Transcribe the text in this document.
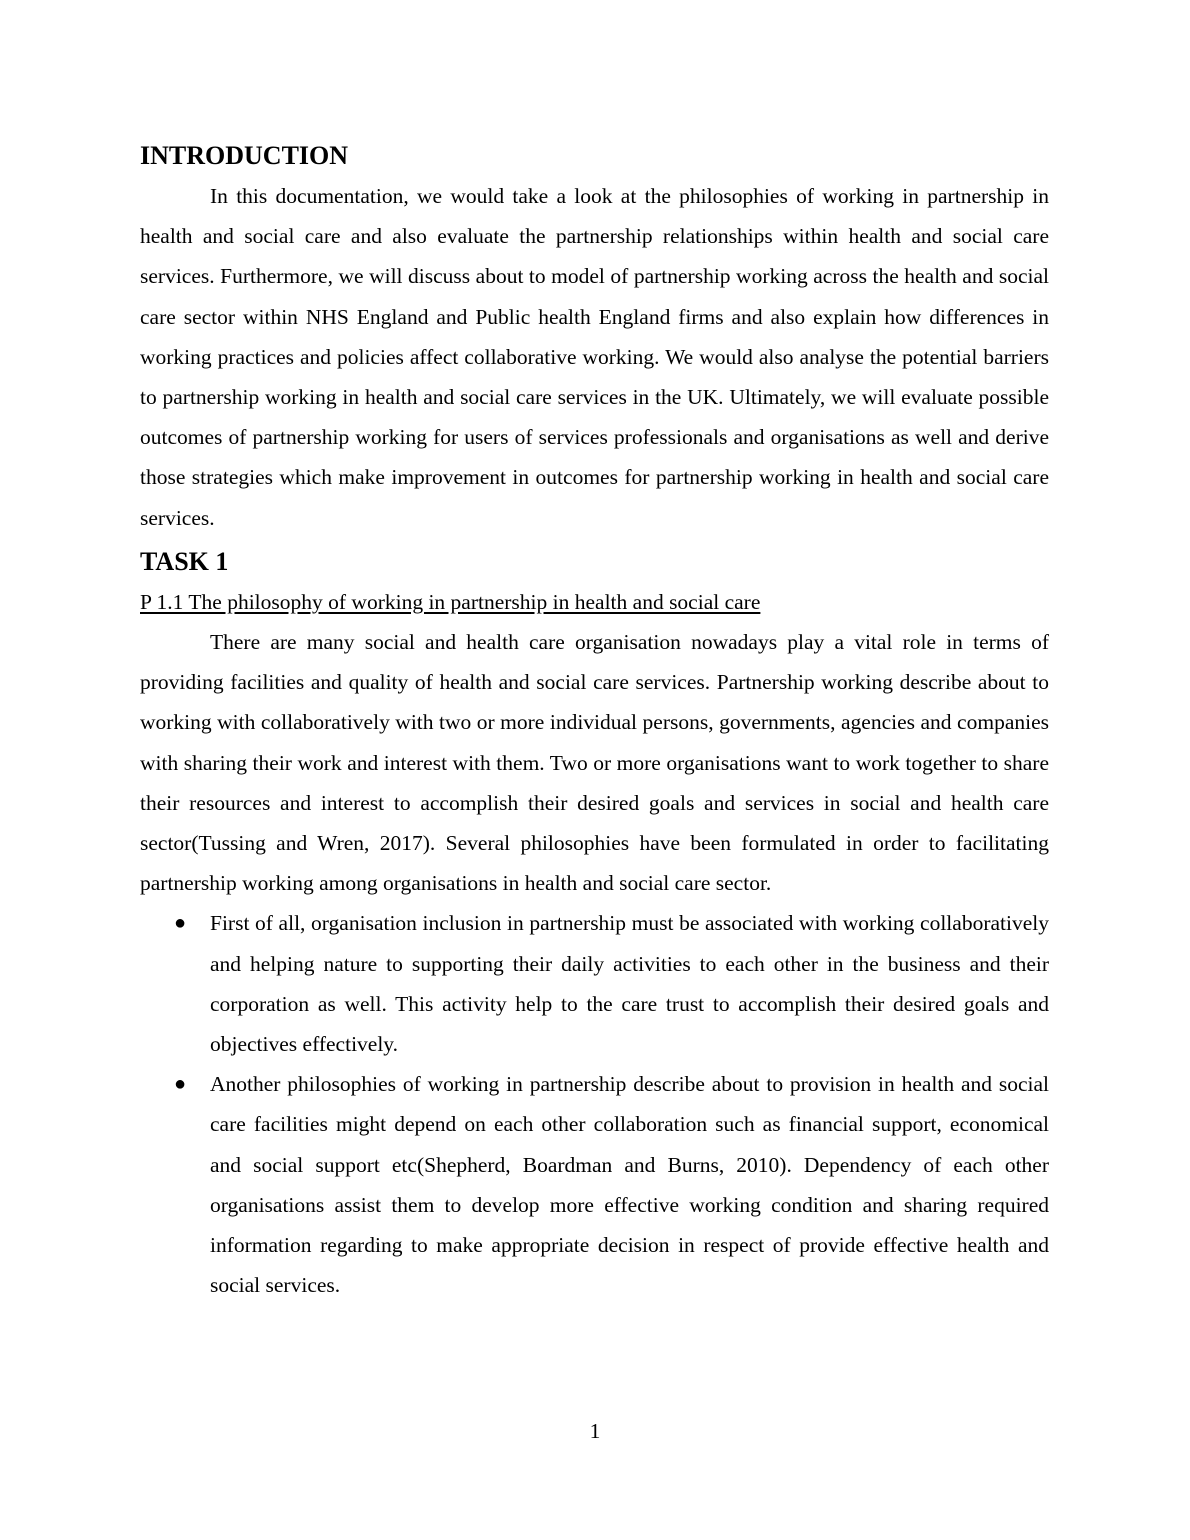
INTRODUCTION

In this documentation, we would take a look at the philosophies of working in partnership in health and social care and also evaluate the partnership relationships within health and social care services. Furthermore, we will discuss about to model of partnership working across the health and social care sector within NHS England and Public health England firms and also explain how differences in working practices and policies affect collaborative working. We would also analyse the potential barriers to partnership working in health and social care services in the UK. Ultimately, we will evaluate possible outcomes of partnership working for users of services professionals and organisations as well and derive those strategies which make improvement in outcomes for partnership working in health and social care services.

TASK 1

P 1.1 The philosophy of working in partnership in health and social care

There are many social and health care organisation nowadays play a vital role in terms of providing facilities and quality of health and social care services. Partnership working describe about to working with collaboratively with two or more individual persons, governments, agencies and companies with sharing their work and interest with them. Two or more organisations want to work together to share their resources and interest to accomplish their desired goals and services in social and health care sector(Tussing and Wren, 2017). Several philosophies have been formulated in order to facilitating partnership working among organisations in health and social care sector.

● First of all, organisation inclusion in partnership must be associated with working collaboratively and helping nature to supporting their daily activities to each other in the business and their corporation as well. This activity help to the care trust to accomplish their desired goals and objectives effectively.
● Another philosophies of working in partnership describe about to provision in health and social care facilities might depend on each other collaboration such as financial support, economical and social support etc(Shepherd, Boardman and Burns, 2010). Dependency of each other organisations assist them to develop more effective working condition and sharing required information regarding to make appropriate decision in respect of provide effective health and social services.
1
